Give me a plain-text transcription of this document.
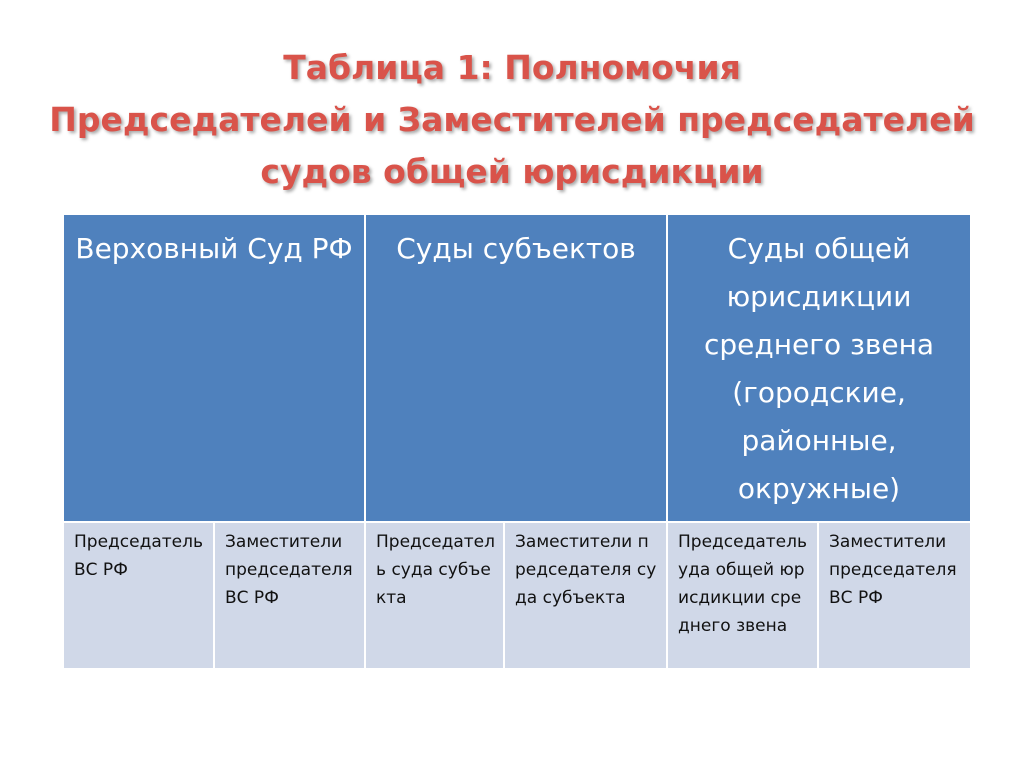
Таблица 1: Полномочия
Председателей и Заместителей председателей
судов общей юрисдикции
Верховный Суд РФ		Суды субъектов		Суды общей юрисдикции среднего звена (городские, районные, окружные)	
Председатель ВС РФ	Заместители председателя ВС РФ	Председатель суда субъекта	Заместители председателя суда субъекта	Председатель уда общей юрисдикции среднего звена	Заместители председателя ВС РФ
